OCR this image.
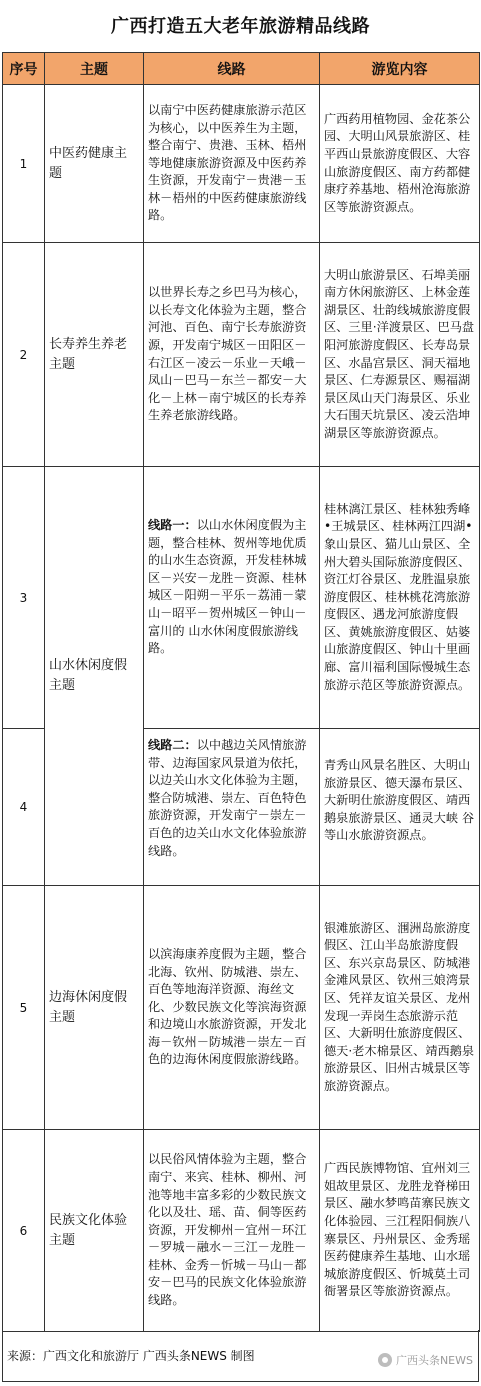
广西打造五大老年旅游精品线路
序号	主题	线路	游览内容
1	中医药健康主题	以南宁中医药健康旅游示范区为核心，以中医养生为主题，整合南宁、贵港、玉林、梧州等地健康旅游资源及中医药养生资源，开发南宁－贵港－玉林－梧州的中医药健康旅游线路。	广西药用植物园、金花茶公园、大明山风景旅游区、桂平西山景旅游度假区、大容山旅游度假区、南方药都健康疗养基地、梧州沧海旅游区等旅游资源点。
2	长寿养生养老主题	以世界长寿之乡巴马为核心，以长寿文化体验为主题，整合河池、百色、南宁长寿旅游资源，开发南宁城区－田阳区－右江区－凌云－乐业－天峨－凤山－巴马－东兰－都安－大化－上林－南宁城区的长寿养生养老旅游线路。	大明山旅游景区、石埠美丽南方休闲旅游区、上林金莲湖景区、壮韵线城旅游度假区、三里·洋渡景区、巴马盘阳河旅游度假区、长寿岛景区、水晶宫景区、洞天福地景区、仁寿源景区、赐福湖景区凤山天门海景区、乐业大石围天坑景区、凌云浩坤湖景区等旅游资源点。
3	山水休闲度假主题	线路一：以山水休闲度假为主题，整合桂林、贺州等地优质 的山水生态资源，开发桂林城区－兴安－龙胜－资源、桂林城区－阳朔－平乐－荔浦－蒙山－昭平－贺州城区－钟山－富川的 山水休闲度假旅游线路。	桂林漓江景区、桂林独秀峰•王城景区、桂林两江四湖•象山景区、猫儿山景区、全州大碧头国际旅游度假区、资江灯谷景区、龙胜温泉旅游度假区、桂林桃花湾旅游度假区、遇龙河旅游度假区、黄姚旅游度假区、姑婆山旅游度假区、钟山十里画廊、富川福利国际慢城生态旅游示范区等旅游资源点。
4		线路二：以中越边关风情旅游带、边海国家风景道为依托，以边关山水文化体验为主题，整合防城港、崇左、百色特色旅游资源，开发南宁－崇左－百色的边关山水文化体验旅游线路。	青秀山风景名胜区、大明山旅游景区、德天瀑布景区、大新明仕旅游度假区、靖西鹅泉旅游景区、通灵大峡 谷等山水旅游资源点。
5	边海休闲度假主题	以滨海康养度假为主题，整合北海、钦州、防城港、崇左、 百色等地海洋资源、海丝文化、少数民族文化等滨海资源和边境山水旅游资源，开发北海－钦州－防城港－崇左－百色的边海休闲度假旅游线路。	银滩旅游区、涠洲岛旅游度假区、江山半岛旅游度假区、东兴京岛景区、防城港金滩风景区、钦州三娘湾景区、凭祥友谊关景区、龙州发现一弄岗生态旅游示范区、大新明仕旅游度假区、德天·老木棉景区、靖西鹅泉旅游景区、旧州古城景区等旅游资源点。
6	民族文化体验主题	以民俗风情体验为主题，整合南宁、来宾、桂林、柳州、河池等地丰富多彩的少数民族文化以及壮、瑶、苗、侗等医药资源，开发柳州－宜州－环江－罗城－融水－三江－龙胜－桂林、金秀－忻城－马山－都安－巴马的民族文化体验旅游线路。	广西民族博物馆、宜州刘三姐故里景区、龙胜龙脊梯田景区、融水梦鸣苗寨民族文化体验园、三江程阳侗族八寨景区、丹州景区、金秀瑶医药健康养生基地、山水瑶城旅游度假区、忻城莫土司衙署景区等旅游资源点。
来源：广西文化和旅游厅 广西头条NEWS 制图	广西头条NEWS
